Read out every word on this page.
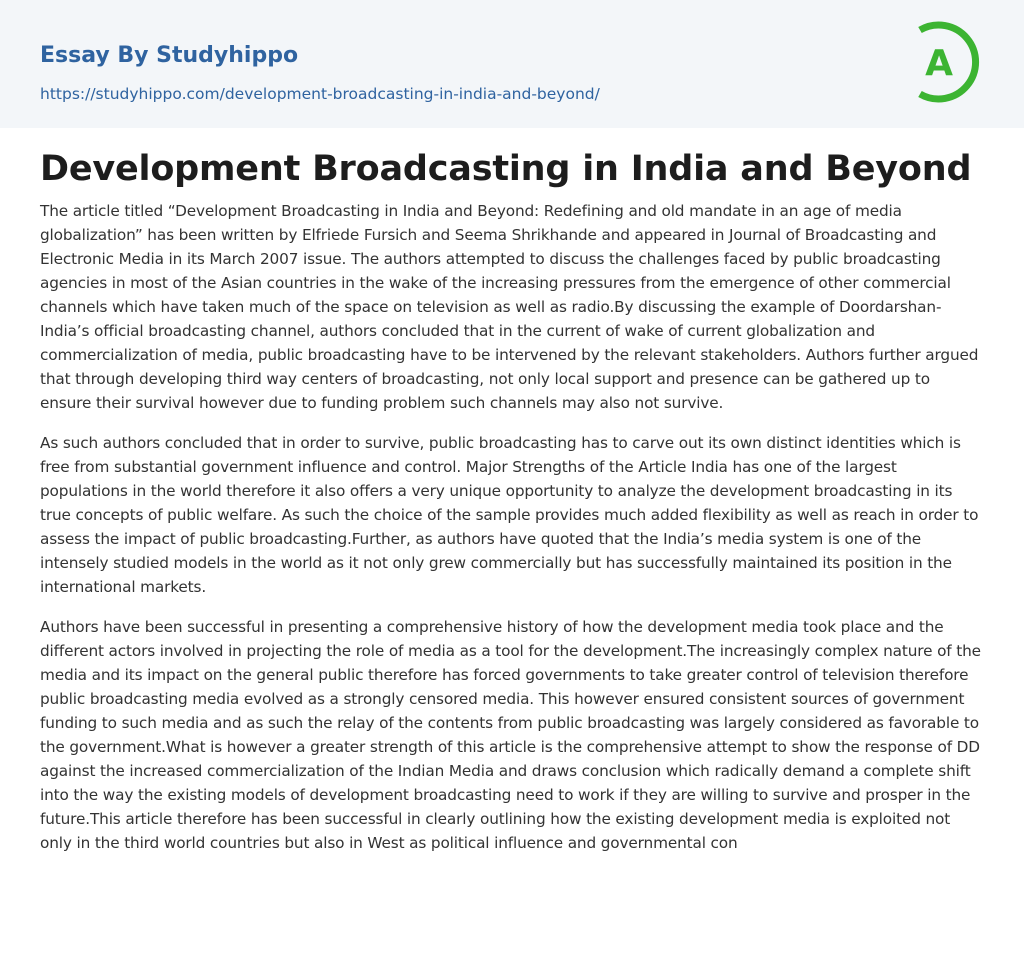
Essay By Studyhippo
https://studyhippo.com/development-broadcasting-in-india-and-beyond/
A
Development Broadcasting in India and Beyond

The article titled “Development Broadcasting in India and Beyond: Redefining and old mandate in an age of media globalization” has been written by Elfriede Fursich and Seema Shrikhande and appeared in Journal of Broadcasting and Electronic Media in its March 2007 issue. The authors attempted to discuss the challenges faced by public broadcasting agencies in most of the Asian countries in the wake of the increasing pressures from the emergence of other commercial channels which have taken much of the space on television as well as radio.By discussing the example of Doordarshan- India’s official broadcasting channel, authors concluded that in the current of wake of current globalization and commercialization of media, public broadcasting have to be intervened by the relevant stakeholders. Authors further argued that through developing third way centers of broadcasting, not only local support and presence can be gathered up to ensure their survival however due to funding problem such channels may also not survive.

As such authors concluded that in order to survive, public broadcasting has to carve out its own distinct identities which is free from substantial government influence and control. Major Strengths of the Article India has one of the largest populations in the world therefore it also offers a very unique opportunity to analyze the development broadcasting in its true concepts of public welfare. As such the choice of the sample provides much added flexibility as well as reach in order to assess the impact of public broadcasting.Further, as authors have quoted that the India’s media system is one of the intensely studied models in the world as it not only grew commercially but has successfully maintained its position in the international markets.

Authors have been successful in presenting a comprehensive history of how the development media took place and the different actors involved in projecting the role of media as a tool for the development.The increasingly complex nature of the media and its impact on the general public therefore has forced governments to take greater control of television therefore public broadcasting media evolved as a strongly censored media. This however ensured consistent sources of government funding to such media and as such the relay of the contents from public broadcasting was largely considered as favorable to the government.What is however a greater strength of this article is the comprehensive attempt to show the response of DD against the increased commercialization of the Indian Media and draws conclusion which radically demand a complete shift into the way the existing models of development broadcasting need to work if they are willing to survive and prosper in the future.This article therefore has been successful in clearly outlining how the existing development media is exploited not only in the third world countries but also in West as political influence and governmental con
